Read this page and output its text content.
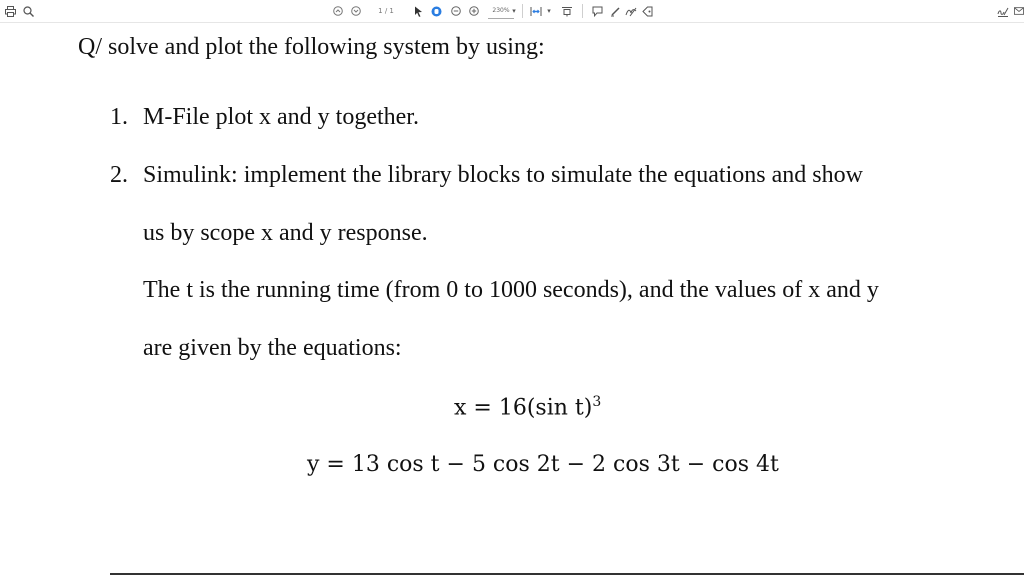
1 / 1	230% ▾	▾
Q/ solve and plot the following system by using:
1. M-File plot x and y together.
2. Simulink: implement the library blocks to simulate the equations and show
us by scope x and y response.
The t is the running time (from 0 to 1000 seconds), and the values of x and y
are given by the equations:
x = 16(sin t)$^3$
y = 13 cos t − 5 cos 2t − 2 cos 3t − cos 4t
